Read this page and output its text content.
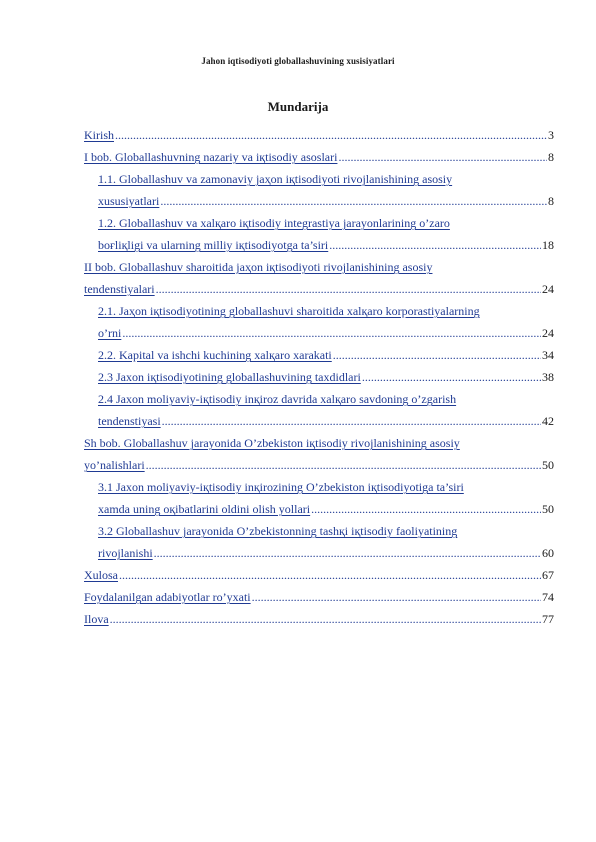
Jahon iqtisodiyoti globallashuvining xusisiyatlari
Mundarija
Kirish .....	3
I bob. Globallashuvning nazariy va iқtisodiy asoslari .....	8
1.1. Globallashuv va zamonaviy jaҳon iқtisodiyoti rivojlanishining asosiy
xususiyatlari .....	8
1.2. Globallashuv va xalқaro iқtisodiy integrastiya jarayonlarining o’zaro
boғliқligi va ularning milliy iқtisodiyotga ta’siri .....	18
II bob. Globallashuv sharoitida jaҳon iқtisodiyoti rivojlanishining asosiy
tendenstiyalari .....	24
2.1. Jaҳon iқtisodiyotining globallashuvi sharoitida xalқaro korporastiyalarning
o’rni .....	24
2.2. Kapital va ishchi kuchining xalқaro xarakati .....	34
2.3 Jaxon iқtisodiyotining globallashuvining taxdidlari .....	38
2.4 Jaxon moliyaviy-iқtisodiy inқiroz davrida xalқaro savdoning o’zgarish
tendenstiyasi .....	42
Sh bob. Globallashuv jarayonida O’zbekiston iқtisodiy rivojlanishining asosiy
yo’nalishlari .....	50
3.1 Jaxon moliyaviy-iқtisodiy inқirozining O’zbekiston iқtisodiyotiga ta’siri
xamda uning oқibatlarini oldini olish yollari .....	50
3.2 Globallashuv jarayonida O’zbekistonning tashқi iқtisodiy faoliyatining
rivojlanishi .....	60
Xulosa .....	67
Foydalanilgan adabiyotlar ro’yxati .....	74
Ilova .....	77
